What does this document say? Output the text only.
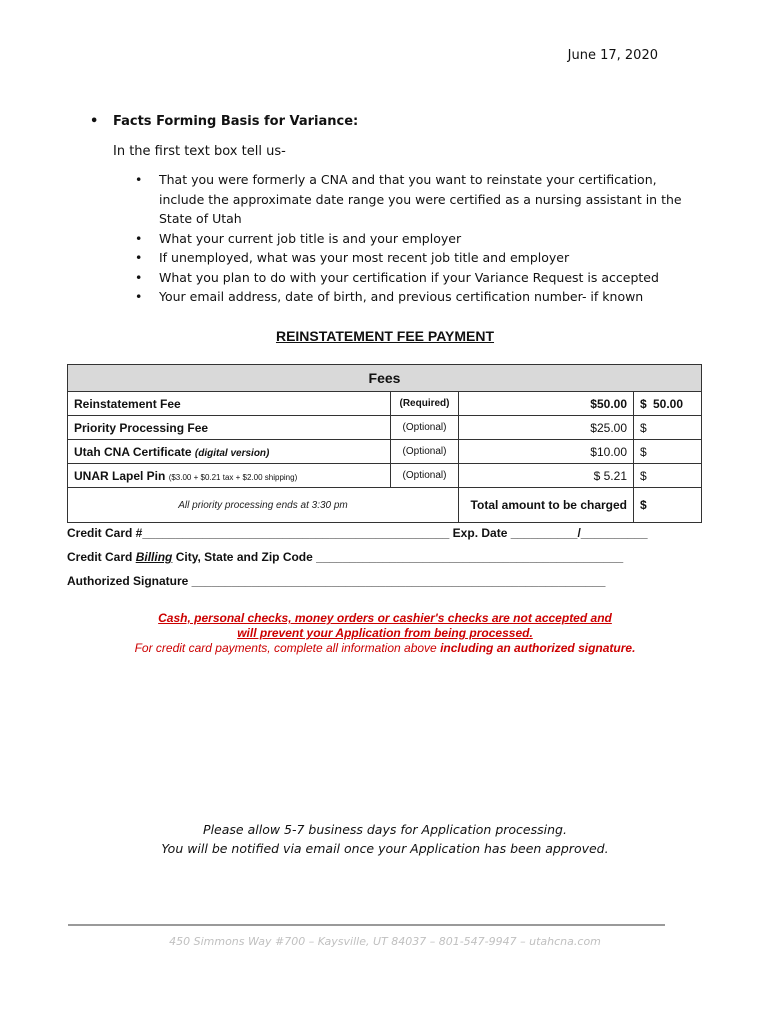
June 17, 2020
• Facts Forming Basis for Variance:
In the first text box tell us-
• That you were formerly a CNA and that you want to reinstate your certification, include the approximate date range you were certified as a nursing assistant in the State of Utah
• What your current job title is and your employer
• If unemployed, what was your most recent job title and employer
• What you plan to do with your certification if your Variance Request is accepted
• Your email address, date of birth, and previous certification number- if known
REINSTATEMENT FEE PAYMENT
Fees			
Reinstatement Fee	(Required)	$50.00	$ 50.00

Priority Processing Fee	(Optional)	$25.00	$
Utah CNA Certificate (digital version)	(Optional)	$10.00	$
UNAR Lapel Pin ($3.00 + $0.21 tax + $2.00 shipping)	(Optional)	$ 5.21	$
All priority processing ends at 3:30 pm		Total amount to be charged	$
Credit Card #______________________________________________ Exp. Date __________/__________
Credit Card Billing City, State and Zip Code ______________________________________________
Authorized Signature ______________________________________________________________
Cash, personal checks, money orders or cashier's checks are not accepted and
will prevent your Application from being processed.
For credit card payments, complete all information above including an authorized signature.
Please allow 5-7 business days for Application processing.
You will be notified via email once your Application has been approved.
450 Simmons Way #700 – Kaysville, UT 84037 – 801-547-9947 – utahcna.com
